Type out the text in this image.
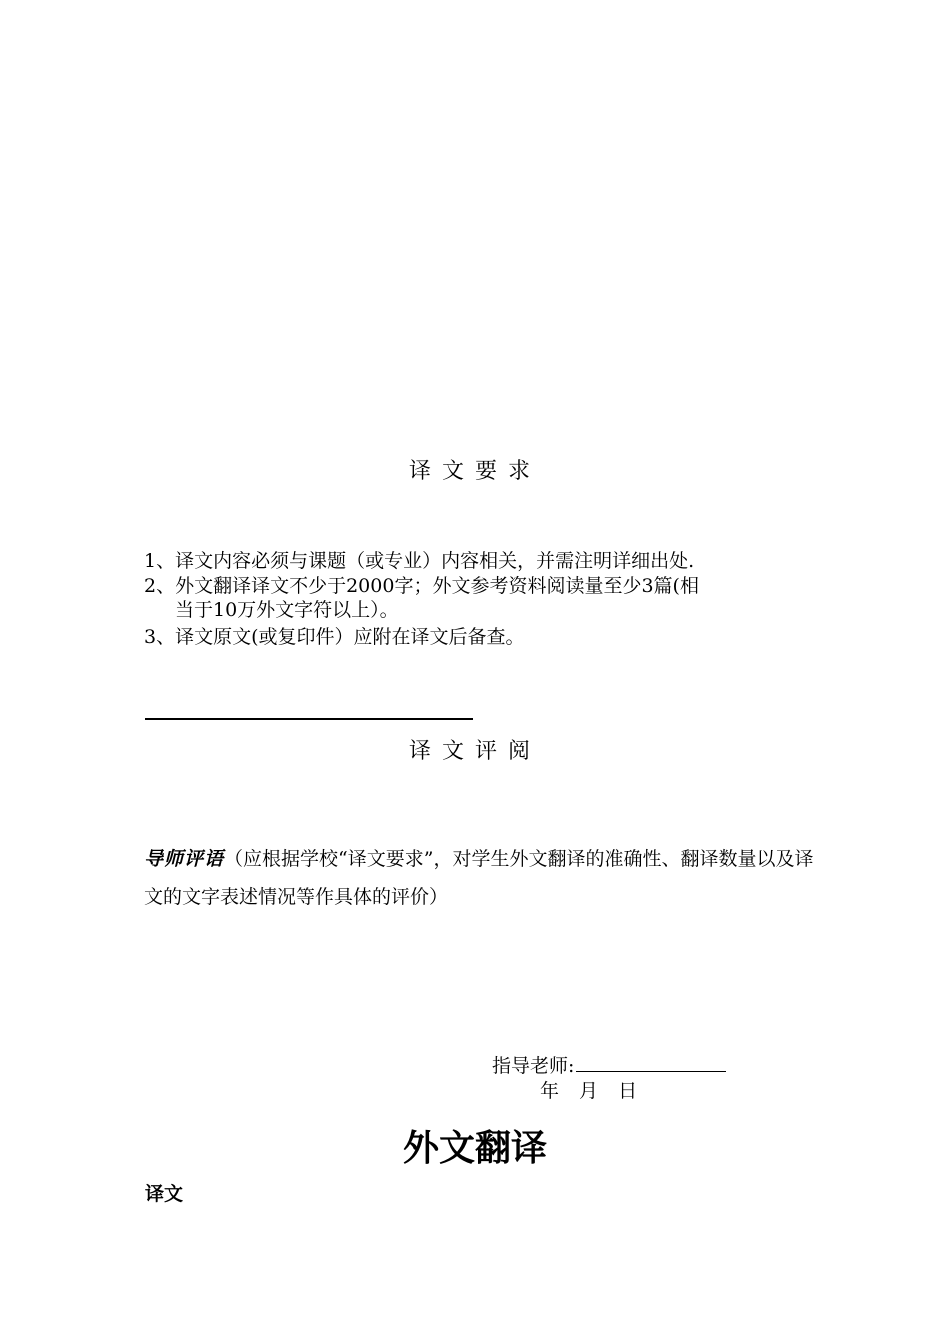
译文要求
1、译文内容必须与课题（或专业）内容相关，并需注明详细出处.
2、外文翻译译文不少于2000字；外文参考资料阅读量至少3篇(相
当于10万外文字符以上）。
3、译文原文(或复印件）应附在译文后备查。
译文评阅
导师评语（应根据学校“译文要求”，对学生外文翻译的准确性、翻译数量以及译文的文字表述情况等作具体的评价）
指导老师:
年 月 日
外文翻译
译文
